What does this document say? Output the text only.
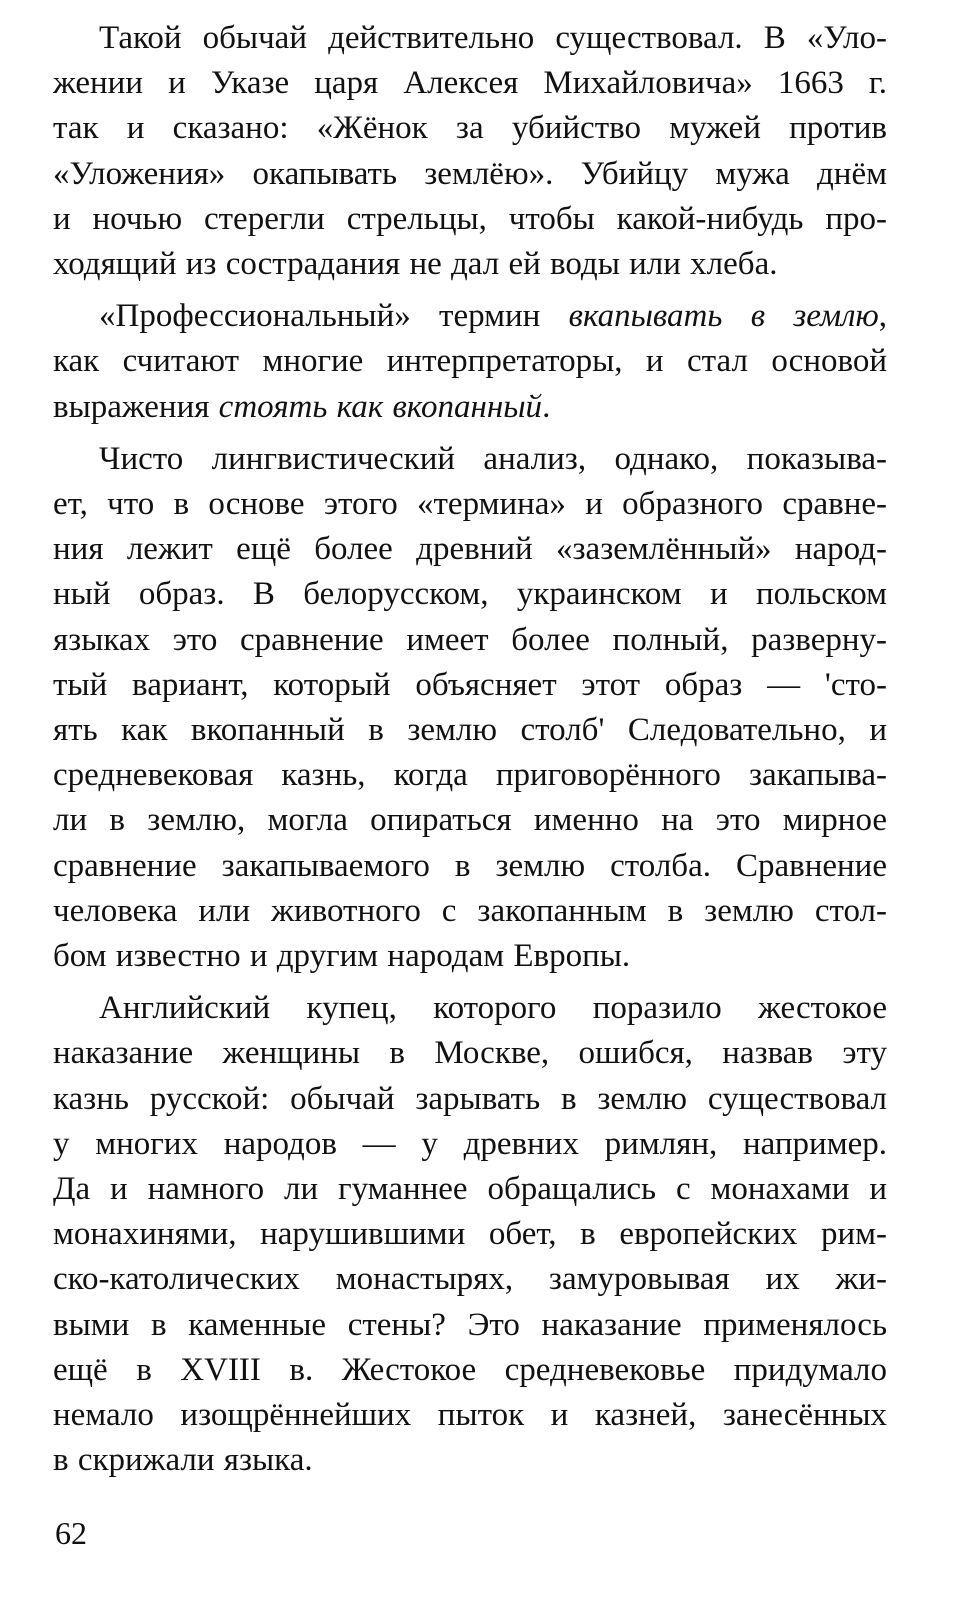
Такой обычай действительно существовал. В «Уло-
жении и Указе царя Алексея Михайловича» 1663 г.
так и сказано: «Жёнок за убийство мужей против
«Уложения» окапывать землёю». Убийцу мужа днём
и ночью стерегли стрельцы, чтобы какой-нибудь про-
ходящий из сострадания не дал ей воды или хлеба.
«Профессиональный» термин вкапывать в землю,
как считают многие интерпретаторы, и стал основой
выражения стоять как вкопанный.
Чисто лингвистический анализ, однако, показыва-
ет, что в основе этого «термина» и образного сравне-
ния лежит ещё более древний «заземлённый» народ-
ный образ. В белорусском, украинском и польском
языках это сравнение имеет более полный, разверну-
тый вариант, который объясняет этот образ — 'сто-
ять как вкопанный в землю столб' Следовательно, и
средневековая казнь, когда приговорённого закапыва-
ли в землю, могла опираться именно на это мирное
сравнение закапываемого в землю столба. Сравнение
человека или животного с закопанным в землю стол-
бом известно и другим народам Европы.
Английский купец, которого поразило жестокое
наказание женщины в Москве, ошибся, назвав эту
казнь русской: обычай зарывать в землю существовал
у многих народов — у древних римлян, например.
Да и намного ли гуманнее обращались с монахами и
монахинями, нарушившими обет, в европейских рим-
ско-католических монастырях, замуровывая их жи-
выми в каменные стены? Это наказание применялось
ещё в XVIII в. Жестокое средневековье придумало
немало изощрённейших пыток и казней, занесённых
в скрижали языка.
62
